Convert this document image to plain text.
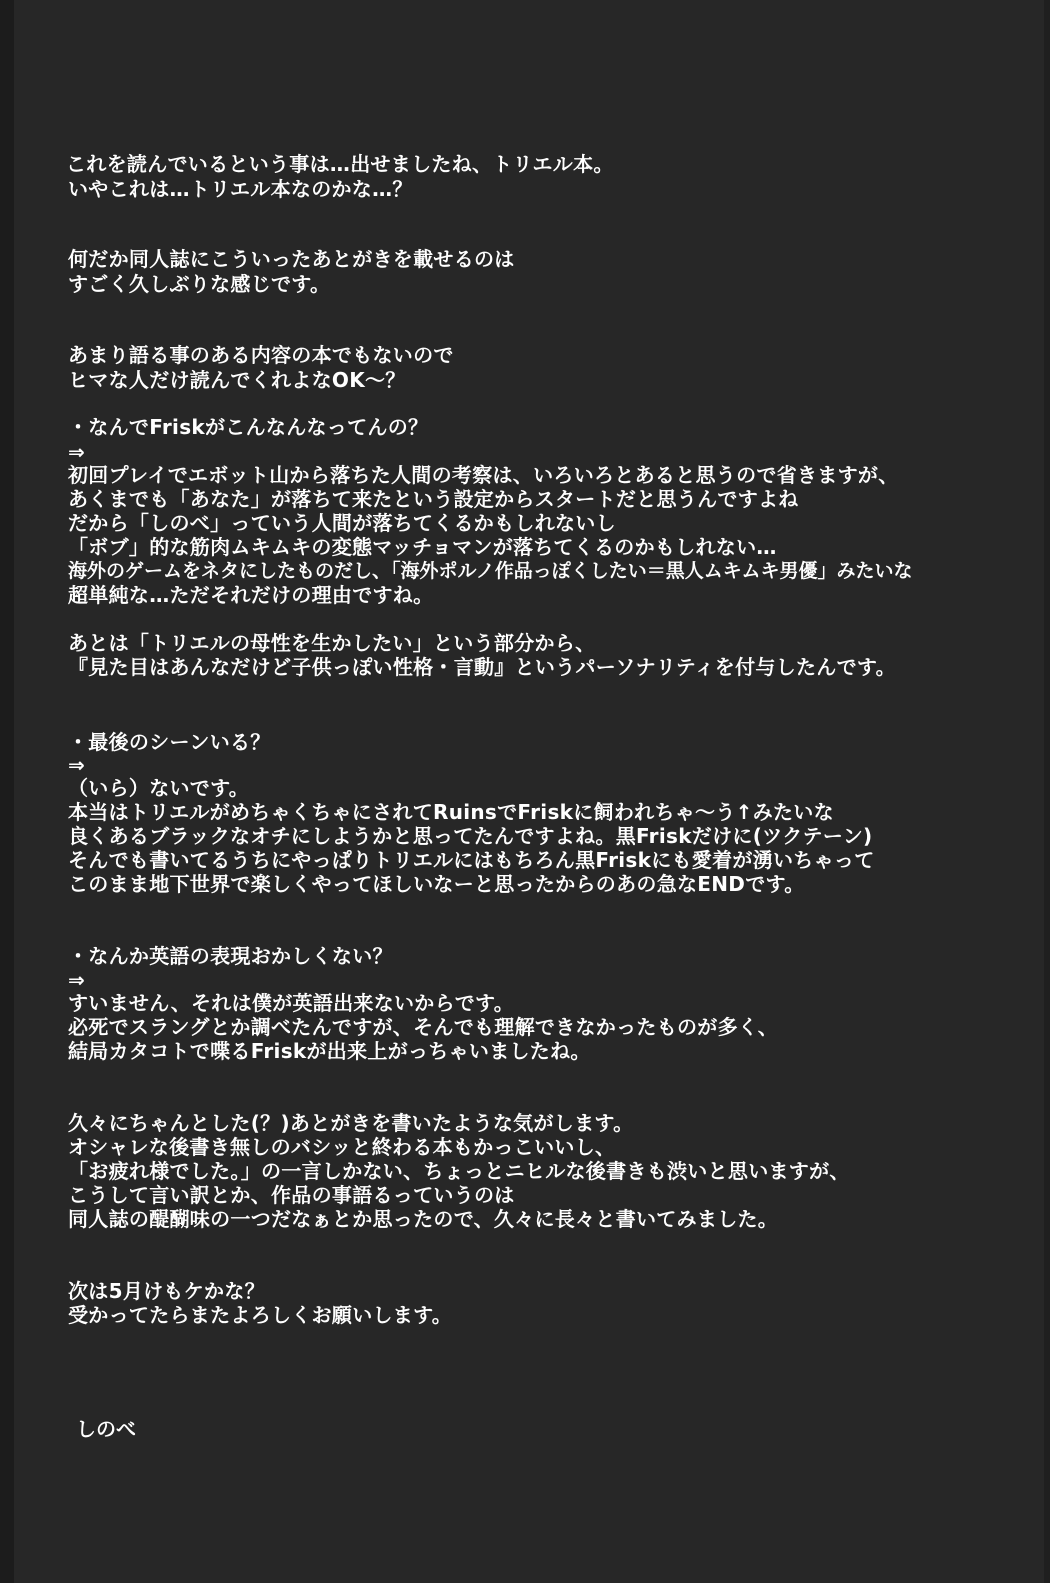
これを読んでいるという事は…出せましたね、トリエル本。
いやこれは…トリエル本なのかな…？
何だか同人誌にこういったあとがきを載せるのは
すごく久しぶりな感じです。
あまり語る事のある内容の本でもないので
ヒマな人だけ読んでくれよなOK～？
・なんでFriskがこんなんなってんの？
⇒
初回プレイでエボット山から落ちた人間の考察は、いろいろとあると思うので省きますが、
あくまでも「あなた」が落ちて来たという設定からスタートだと思うんですよね
だから「しのべ」っていう人間が落ちてくるかもしれないし
「ボブ」的な筋肉ムキムキの変態マッチョマンが落ちてくるのかもしれない…
海外のゲームをネタにしたものだし、「海外ポルノ作品っぽくしたい＝黒人ムキムキ男優」みたいな
超単純な…ただそれだけの理由ですね。
あとは「トリエルの母性を生かしたい」という部分から、
『見た目はあんなだけど子供っぽい性格・言動』というパーソナリティを付与したんです。
・最後のシーンいる？
⇒
（いら）ないです。
本当はトリエルがめちゃくちゃにされてRuinsでFriskに飼われちゃ～う↑みたいな
良くあるブラックなオチにしようかと思ってたんですよね。黒Friskだけに(ツクテーン)
そんでも書いてるうちにやっぱりトリエルにはもちろん黒Friskにも愛着が湧いちゃって
このまま地下世界で楽しくやってほしいなーと思ったからのあの急なENDです。
・なんか英語の表現おかしくない？
⇒
すいません、それは僕が英語出来ないからです。
必死でスラングとか調べたんですが、そんでも理解できなかったものが多く、
結局カタコトで喋るFriskが出来上がっちゃいましたね。
久々にちゃんとした(？)あとがきを書いたような気がします。
オシャレな後書き無しのバシッと終わる本もかっこいいし、
「お疲れ様でした。」の一言しかない、ちょっとニヒルな後書きも渋いと思いますが、
こうして言い訳とか、作品の事語るっていうのは
同人誌の醍醐味の一つだなぁとか思ったので、久々に長々と書いてみました。
次は5月けもケかな？
受かってたらまたよろしくお願いします。
しのべ
